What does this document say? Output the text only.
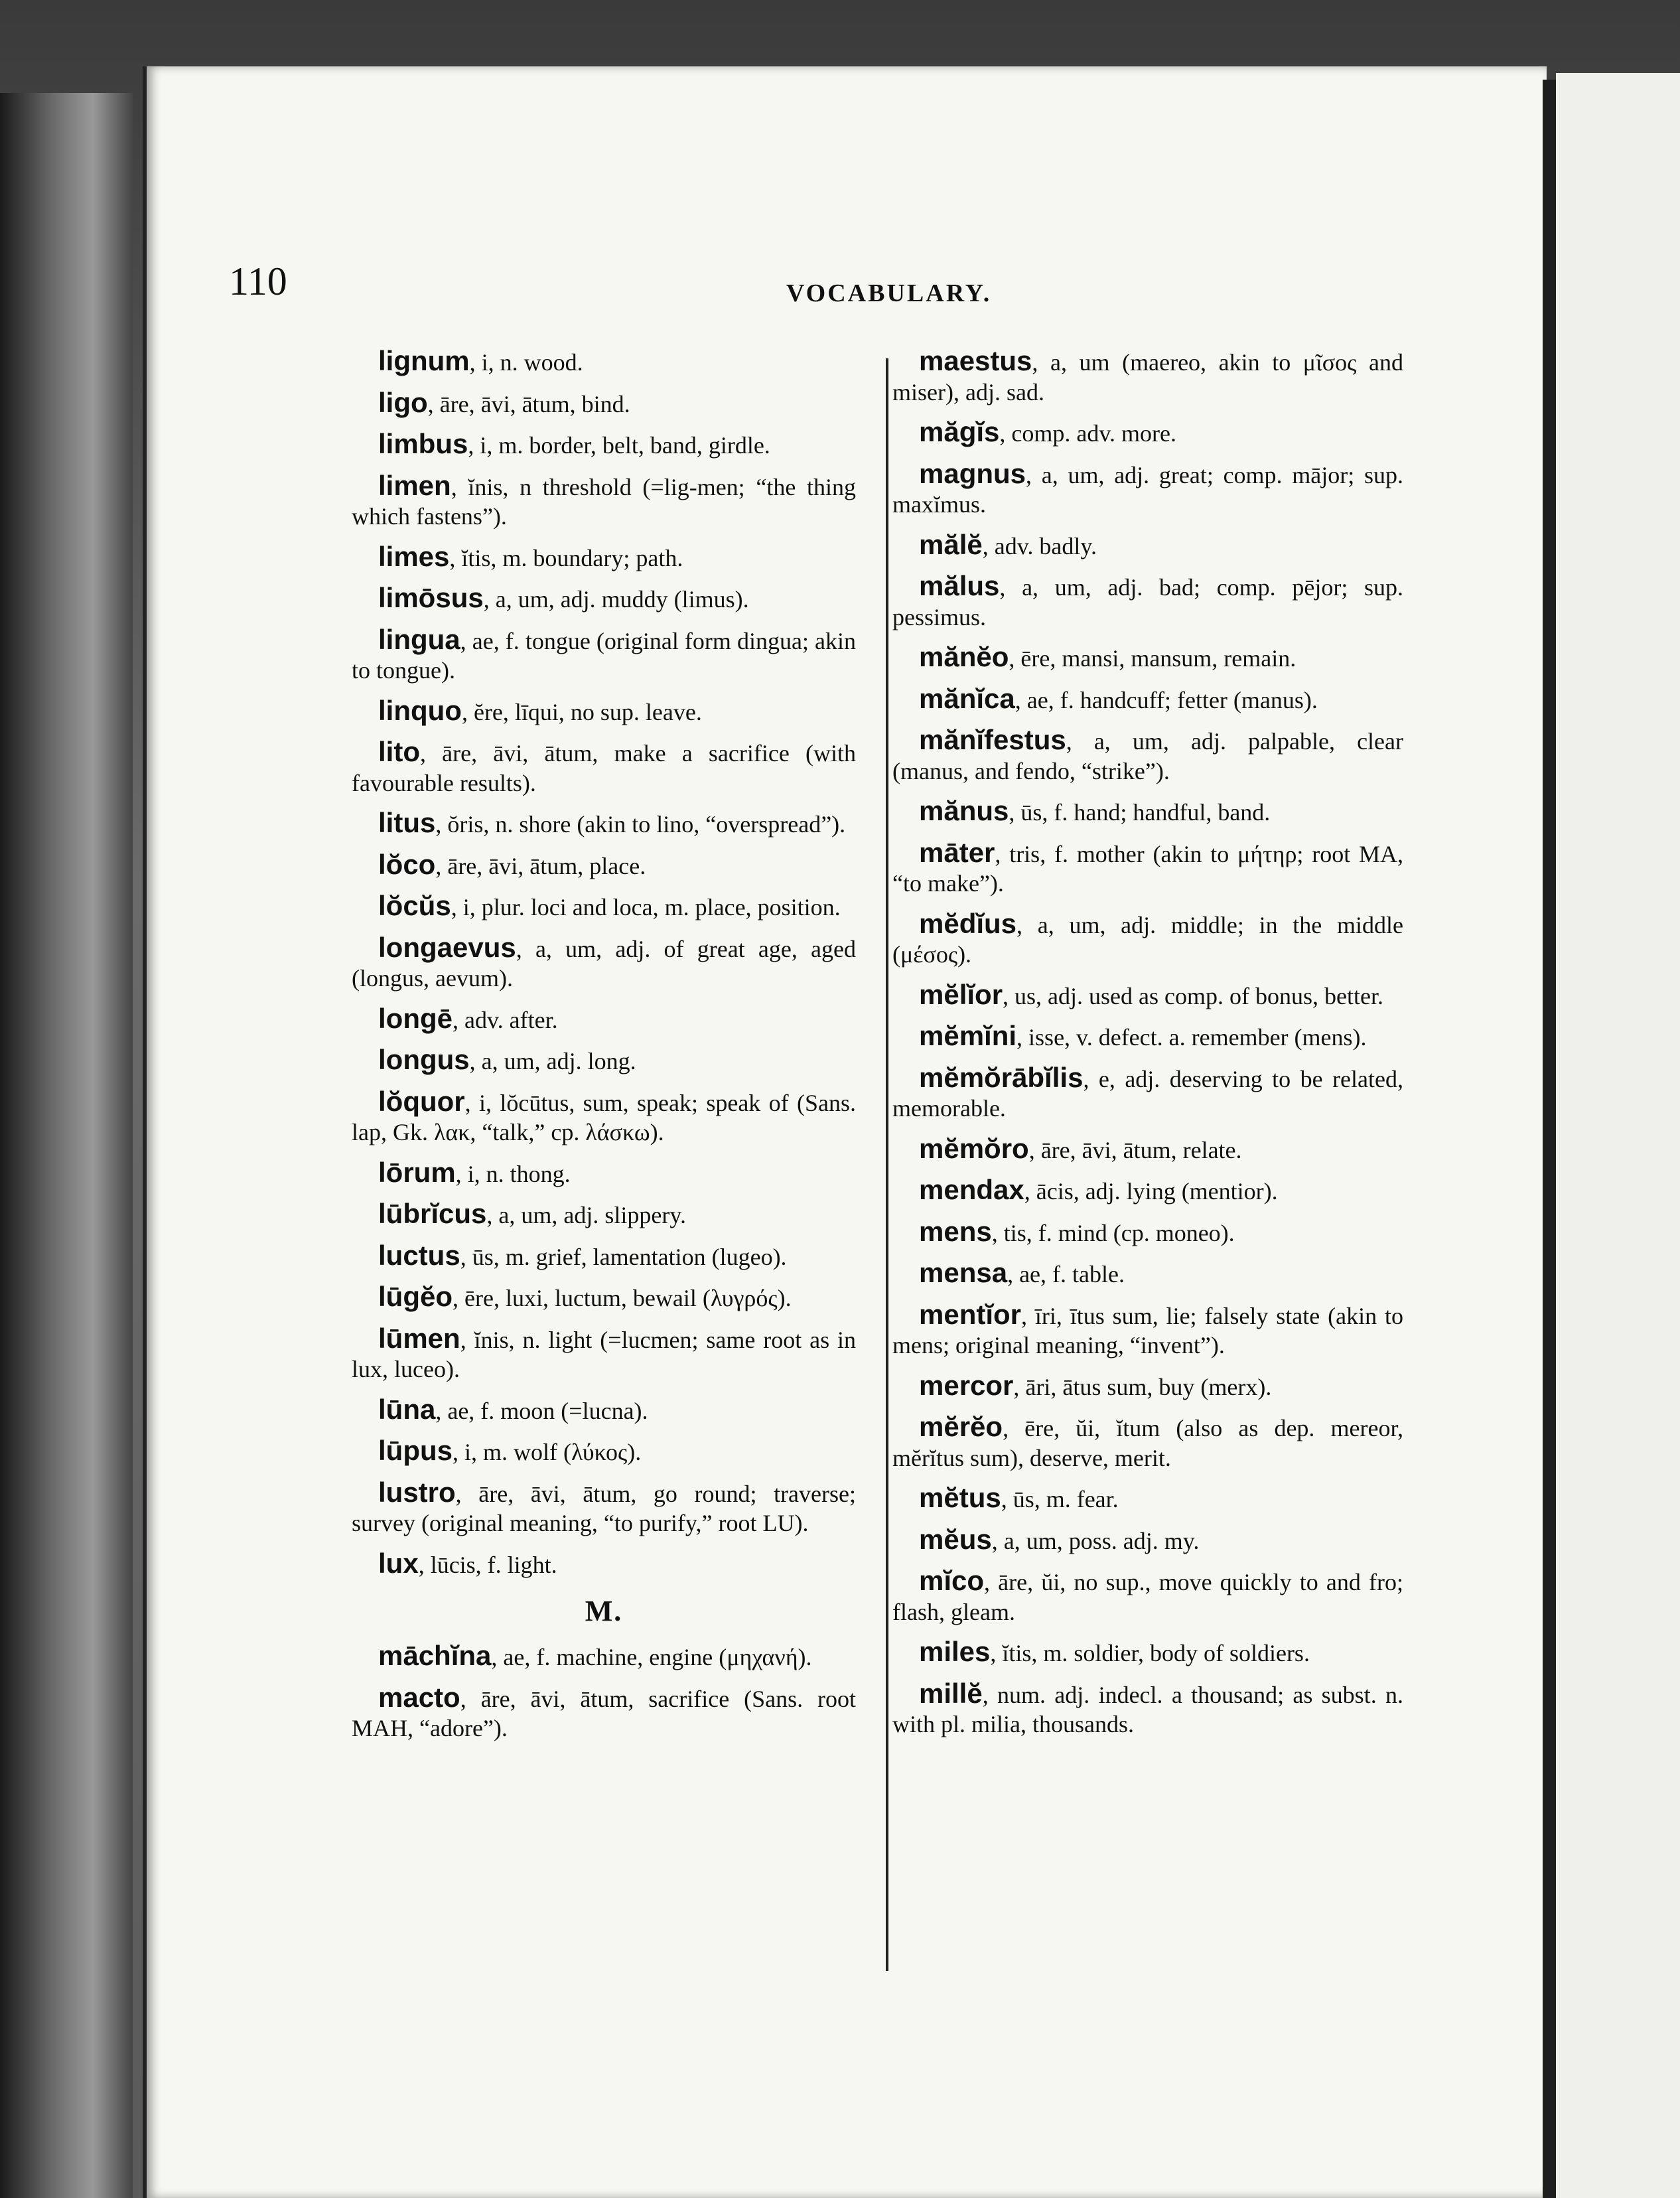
110	VOCABULARY.
lignum, i, n. wood.
ligo, āre, āvi, ātum, bind.
limbus, i, m. border, belt, band, girdle.
limen, ĭnis, n threshold (=lig-men; “the thing which fastens”).
limes, ĭtis, m. boundary; path.
limōsus, a, um, adj. muddy (limus).
lingua, ae, f. tongue (original form dingua; akin to tongue).
linquo, ĕre, līqui, no sup. leave.
lito, āre, āvi, ātum, make a sacrifice (with favourable results).
litus, ŏris, n. shore (akin to lino, “overspread”).
lŏco, āre, āvi, ātum, place.
lŏcŭs, i, plur. loci and loca, m. place, position.
longaevus, a, um, adj. of great age, aged (longus, aevum).
longē, adv. after.
longus, a, um, adj. long.
lŏquor, i, lŏcūtus, sum, speak; speak of (Sans. lap, Gk. λακ, “talk,” cp. λάσκω).
lōrum, i, n. thong.
lūbrĭcus, a, um, adj. slippery.
luctus, ūs, m. grief, lamentation (lugeo).
lūgĕo, ēre, luxi, luctum, bewail (λυγρός).
lūmen, ĭnis, n. light (=lucmen; same root as in lux, luceo).
lūna, ae, f. moon (=lucna).
lūpus, i, m. wolf (λύκος).
lustro, āre, āvi, ātum, go round; traverse; survey (original meaning, “to purify,” root LU).
lux, lūcis, f. light.
M.
māchĭna, ae, f. machine, engine (μηχανή).
macto, āre, āvi, ātum, sacrifice (Sans. root MAH, “adore”).
maestus, a, um (maereo, akin to μῖσος and miser), adj. sad.
măgĭs, comp. adv. more.
magnus, a, um, adj. great; comp. mājor; sup. maxĭmus.
mălĕ, adv. badly.
mălus, a, um, adj. bad; comp. pējor; sup. pessimus.
mănĕo, ēre, mansi, mansum, remain.
mănĭca, ae, f. handcuff; fetter (manus).
mănĭfestus, a, um, adj. palpable, clear (manus, and fendo, “strike”).
mănus, ūs, f. hand; handful, band.
māter, tris, f. mother (akin to μήτηρ; root MA, “to make”).
mĕdĭus, a, um, adj. middle; in the middle (μέσος).
mĕlĭor, us, adj. used as comp. of bonus, better.
mĕmĭni, isse, v. defect. a. remember (mens).
mĕmŏrābĭlis, e, adj. deserving to be related, memorable.
mĕmŏro, āre, āvi, ātum, relate.
mendax, ācis, adj. lying (mentior).
mens, tis, f. mind (cp. moneo).
mensa, ae, f. table.
mentĭor, īri, ītus sum, lie; falsely state (akin to mens; original meaning, “invent”).
mercor, āri, ātus sum, buy (merx).
mĕrĕo, ēre, ŭi, ĭtum (also as dep. mereor, mĕrĭtus sum), deserve, merit.
mĕtus, ūs, m. fear.
mĕus, a, um, poss. adj. my.
mĭco, āre, ŭi, no sup., move quickly to and fro; flash, gleam.
miles, ĭtis, m. soldier, body of soldiers.
millĕ, num. adj. indecl. a thousand; as subst. n. with pl. milia, thousands.
